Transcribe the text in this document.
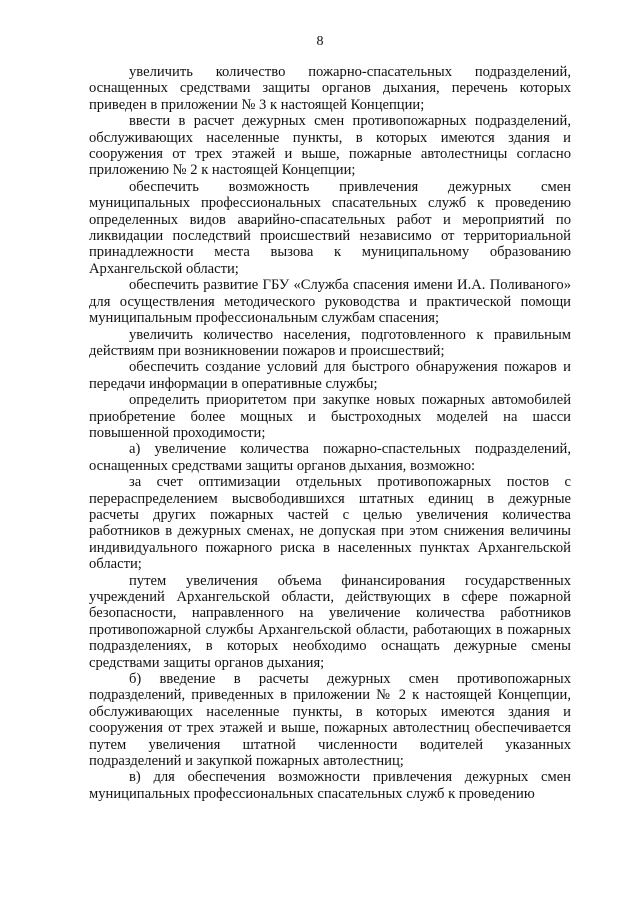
8

увеличить количество пожарно-спасательных подразделений, оснащенных средствами защиты органов дыхания, перечень которых приведен в приложении № 3 к настоящей Концепции;

ввести в расчет дежурных смен противопожарных подразделений, обслуживающих населенные пункты, в которых имеются здания и сооружения от трех этажей и выше, пожарные автолестницы согласно приложению № 2 к настоящей Концепции;

обеспечить возможность привлечения дежурных смен муниципальных профессиональных спасательных служб к проведению определенных видов аварийно-спасательных работ и мероприятий по ликвидации последствий происшествий независимо от территориальной принадлежности места вызова к муниципальному образованию Архангельской области;

обеспечить развитие ГБУ «Служба спасения имени И.А. Поливаного» для осуществления методического руководства и практической помощи муниципальным профессиональным службам спасения;

увеличить количество населения, подготовленного к правильным действиям при возникновении пожаров и происшествий;

обеспечить создание условий для быстрого обнаружения пожаров и передачи информации в оперативные службы;

определить приоритетом при закупке новых пожарных автомобилей приобретение более мощных и быстроходных моделей на шасси повышенной проходимости;

а) увеличение количества пожарно-спастельных подразделений, оснащенных средствами защиты органов дыхания, возможно:

за счет оптимизации отдельных противопожарных постов с перераспределением высвободившихся штатных единиц в дежурные расчеты других пожарных частей с целью увеличения количества работников в дежурных сменах, не допуская при этом снижения величины индивидуального пожарного риска в населенных пунктах Архангельской области;

путем увеличения объема финансирования государственных учреждений Архангельской области, действующих в сфере пожарной безопасности, направленного на увеличение количества работников противопожарной службы Архангельской области, работающих в пожарных подразделениях, в которых необходимо оснащать дежурные смены средствами защиты органов дыхания;

б) введение в расчеты дежурных смен противопожарных подразделений, приведенных в приложении № 2 к настоящей Концепции, обслуживающих населенные пункты, в которых имеются здания и сооружения от трех этажей и выше, пожарных автолестниц обеспечивается путем увеличения штатной численности водителей указанных подразделений и закупкой пожарных автолестниц;

в) для обеспечения возможности привлечения дежурных смен муниципальных профессиональных спасательных служб к проведению
